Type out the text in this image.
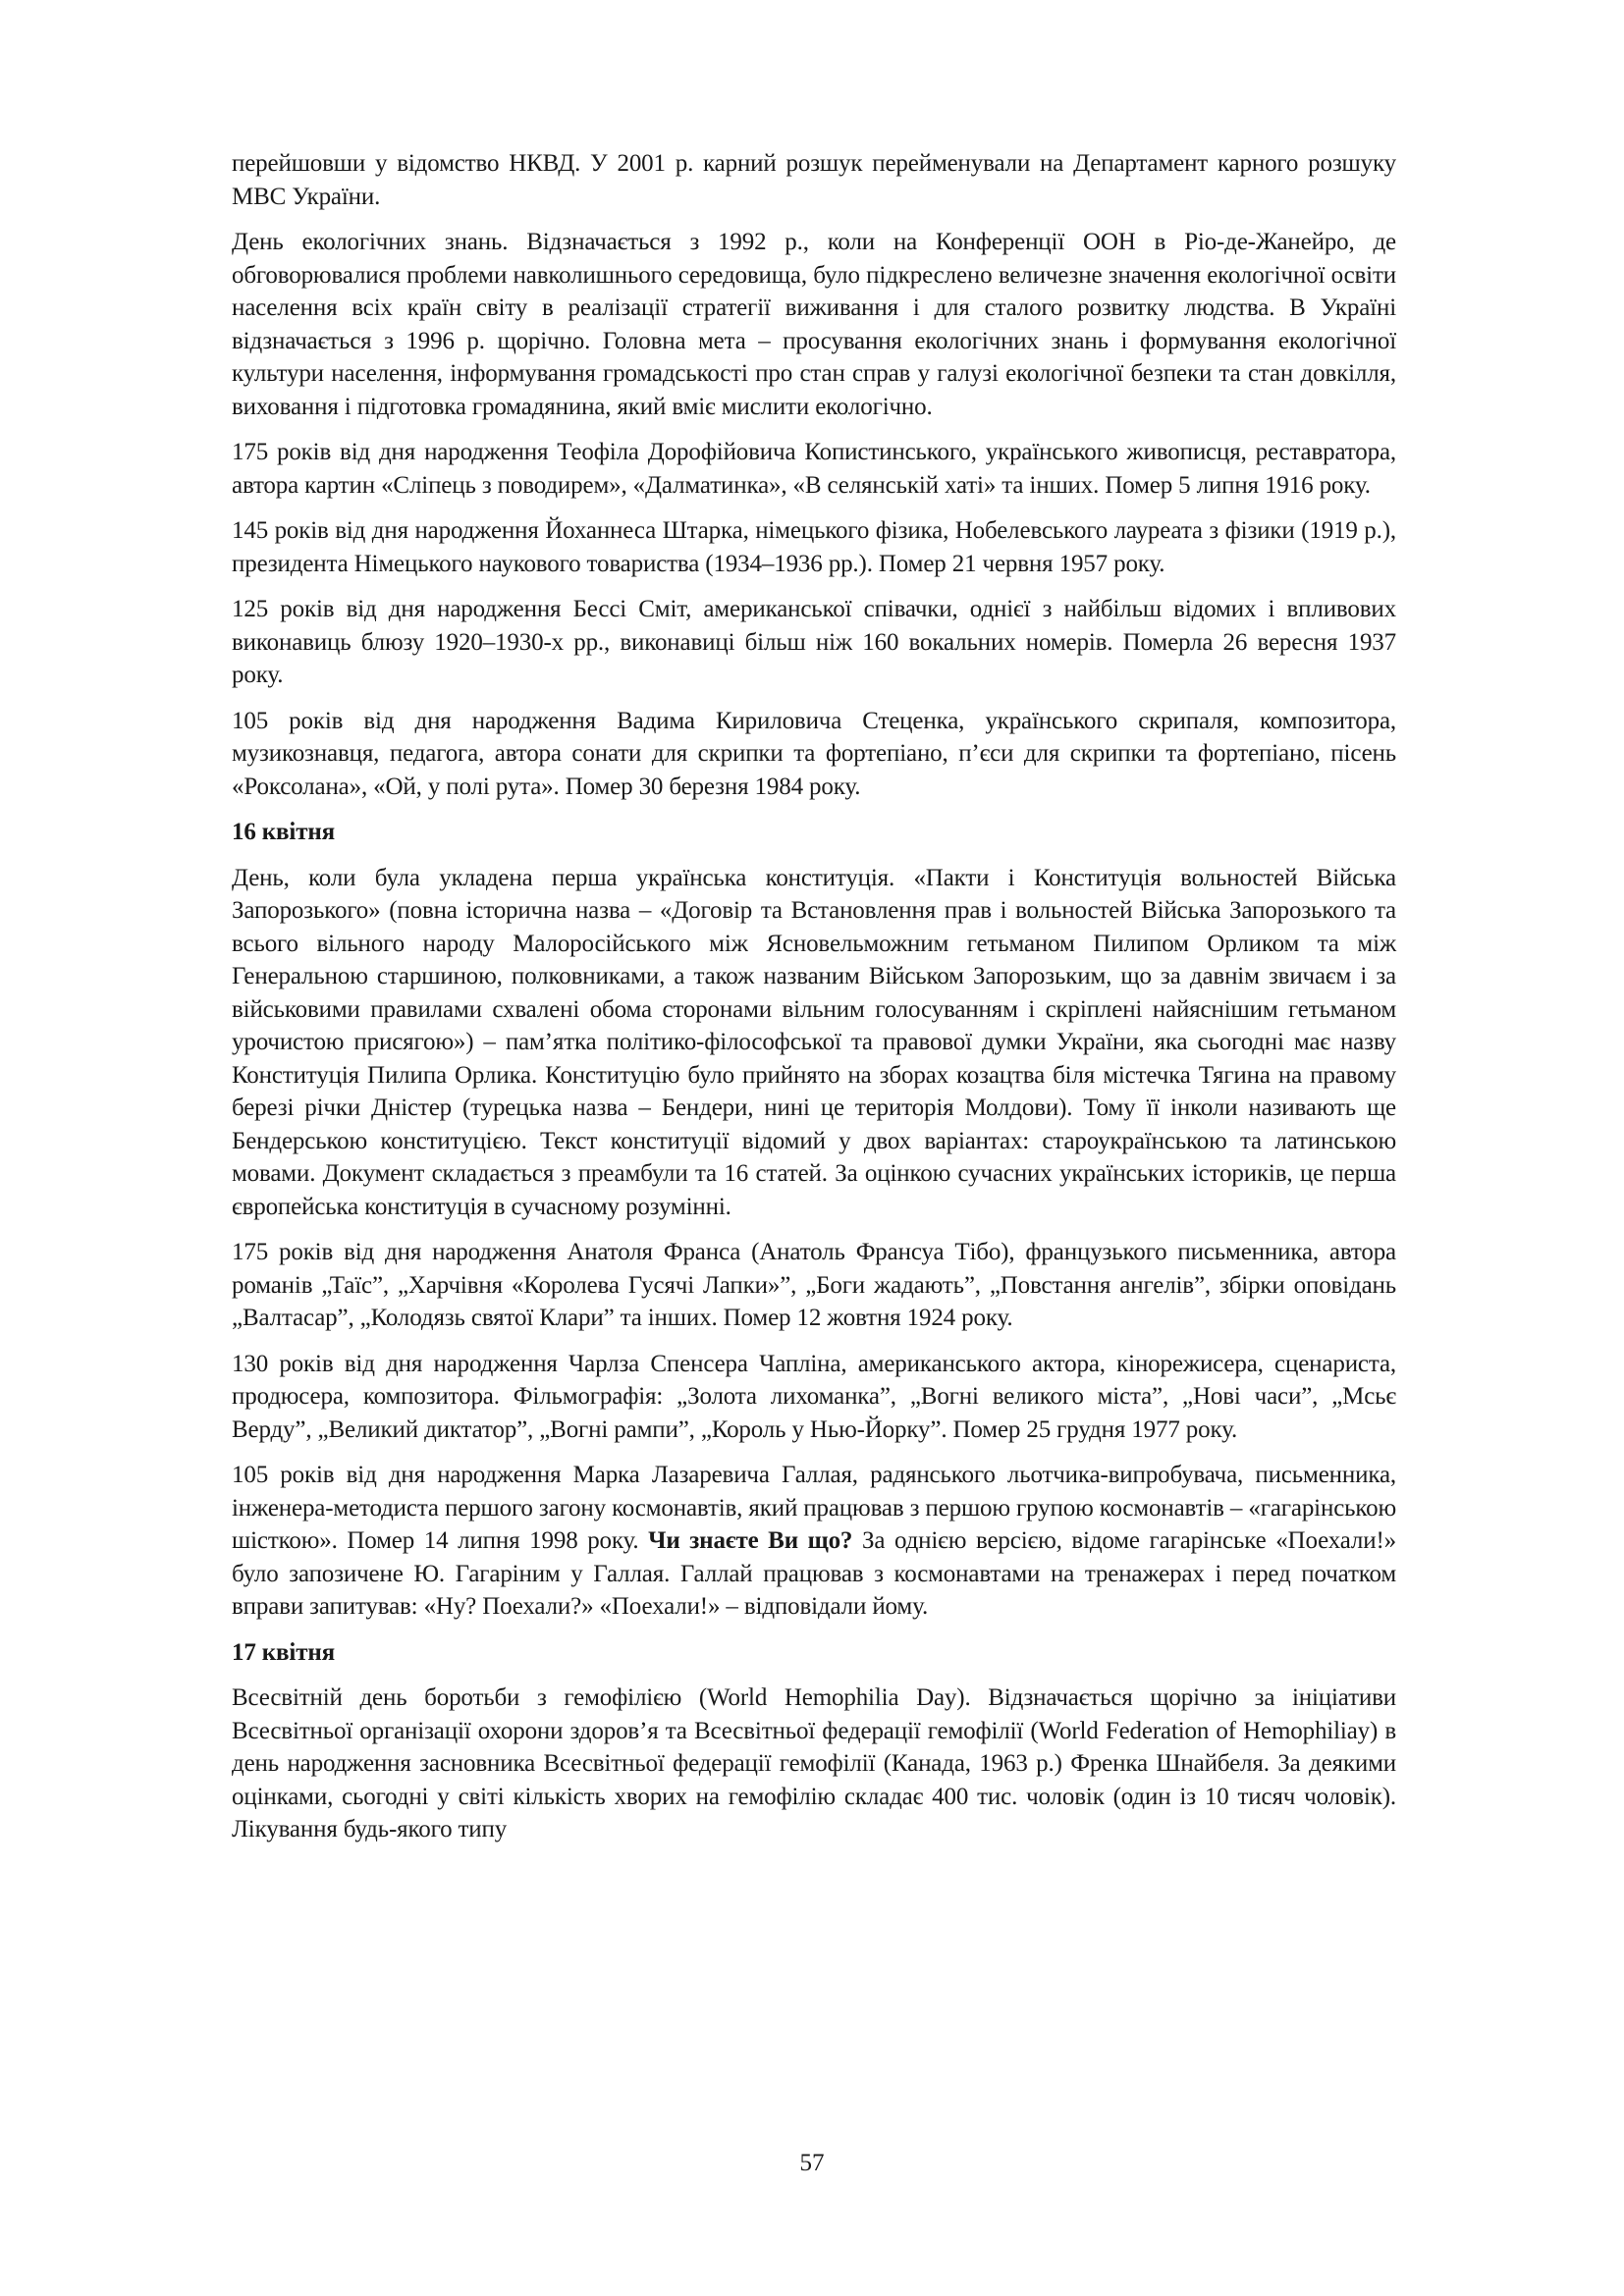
перейшовши у відомство НКВД. У 2001 р. карний розшук перейменували на Департамент карного розшуку МВС України.

День екологічних знань. Відзначається з 1992 р., коли на Конференції ООН в Ріо-де-Жанейро, де обговорювалися проблеми навколишнього середовища, було підкреслено величезне значення екологічної освіти населення всіх країн світу в реалізації стратегії виживання і для сталого розвитку людства. В Україні відзначається з 1996 р. щорічно. Головна мета – просування екологічних знань і формування екологічної культури населення, інформування громадськості про стан справ у галузі екологічної безпеки та стан довкілля, виховання і підготовка громадянина, який вміє мислити екологічно.

175 років від дня народження Теофіла Дорофійовича Копистинського, українського живописця, реставратора, автора картин «Сліпець з поводирем», «Далматинка», «В селянській хаті» та інших. Помер 5 липня 1916 року.

145 років від дня народження Йоханнеса Штарка, німецького фізика, Нобелевського лауреата з фізики (1919 р.), президента Німецького наукового товариства (1934–1936 рр.). Помер 21 червня 1957 року.

125 років від дня народження Бессі Сміт, американської співачки, однієї з найбільш відомих і впливових виконавиць блюзу 1920–1930-х рр., виконавиці більш ніж 160 вокальних номерів. Померла 26 вересня 1937 року.

105 років від дня народження Вадима Кириловича Стеценка, українського скрипаля, композитора, музикознавця, педагога, автора сонати для скрипки та фортепіано, п’єси для скрипки та фортепіано, пісень «Роксолана», «Ой, у полі рута». Помер 30 березня 1984 року.

16 квітня

День, коли була укладена перша українська конституція. «Пакти і Конституція вольностей Війська Запорозького» (повна історична назва – «Договір та Встановлення прав і вольностей Війська Запорозького та всього вільного народу Малоросійського між Ясновельможним гетьманом Пилипом Орликом та між Генеральною старшиною, полковниками, а також названим Військом Запорозьким, що за давнім звичаєм і за військовими правилами схвалені обома сторонами вільним голосуванням і скріплені найяснішим гетьманом урочистою присягою») – пам’ятка політико-філософської та правової думки України, яка сьогодні має назву Конституція Пилипа Орлика. Конституцію було прийнято на зборах козацтва біля містечка Тягина на правому березі річки Дністер (турецька назва – Бендери, нині це територія Молдови). Тому її інколи називають ще Бендерською конституцією. Текст конституції відомий у двох варіантах: староукраїнською та латинською мовами. Документ складається з преамбули та 16 статей. За оцінкою сучасних українських істориків, це перша європейська конституція в сучасному розумінні.

175 років від дня народження Анатоля Франса (Анатоль Франсуа Тібо), французького письменника, автора романів „Таїс”, „Харчівня «Королева Гусячі Лапки»”, „Боги жадають”, „Повстання ангелів”, збірки оповідань „Валтасар”, „Колодязь святої Клари” та інших. Помер 12 жовтня 1924 року.

130 років від дня народження Чарлза Спенсера Чапліна, американського актора, кінорежисера, сценариста, продюсера, композитора. Фільмографія: „Золота лихоманка”, „Вогні великого міста”, „Нові часи”, „Мсьє Верду”, „Великий диктатор”, „Вогні рампи”, „Король у Нью-Йорку”. Помер 25 грудня 1977 року.

105 років від дня народження Марка Лазаревича Галлая, радянського льотчика-випробувача, письменника, інженера-методиста першого загону космонавтів, який працював з першою групою космонавтів – «гагарінською шісткою». Помер 14 липня 1998 року. Чи знаєте Ви що? За однією версією, відоме гагарінське «Поехали!» було запозичене Ю. Гагаріним у Галлая. Галлай працював з космонавтами на тренажерах і перед початком вправи запитував: «Ну? Поехали?» «Поехали!» – відповідали йому.

17 квітня

Всесвітній день боротьби з гемофілією (World Hemophilia Day). Відзначається щорічно за ініціативи Всесвітньої організації охорони здоров’я та Всесвітньої федерації гемофілії (World Federation of Hemophiliay) в день народження засновника Всесвітньої федерації гемофілії (Канада, 1963 р.) Френка Шнайбеля. За деякими оцінками, сьогодні у світі кількість хворих на гемофілію складає 400 тис. чоловік (один із 10 тисяч чоловік). Лікування будь-якого типу

57
